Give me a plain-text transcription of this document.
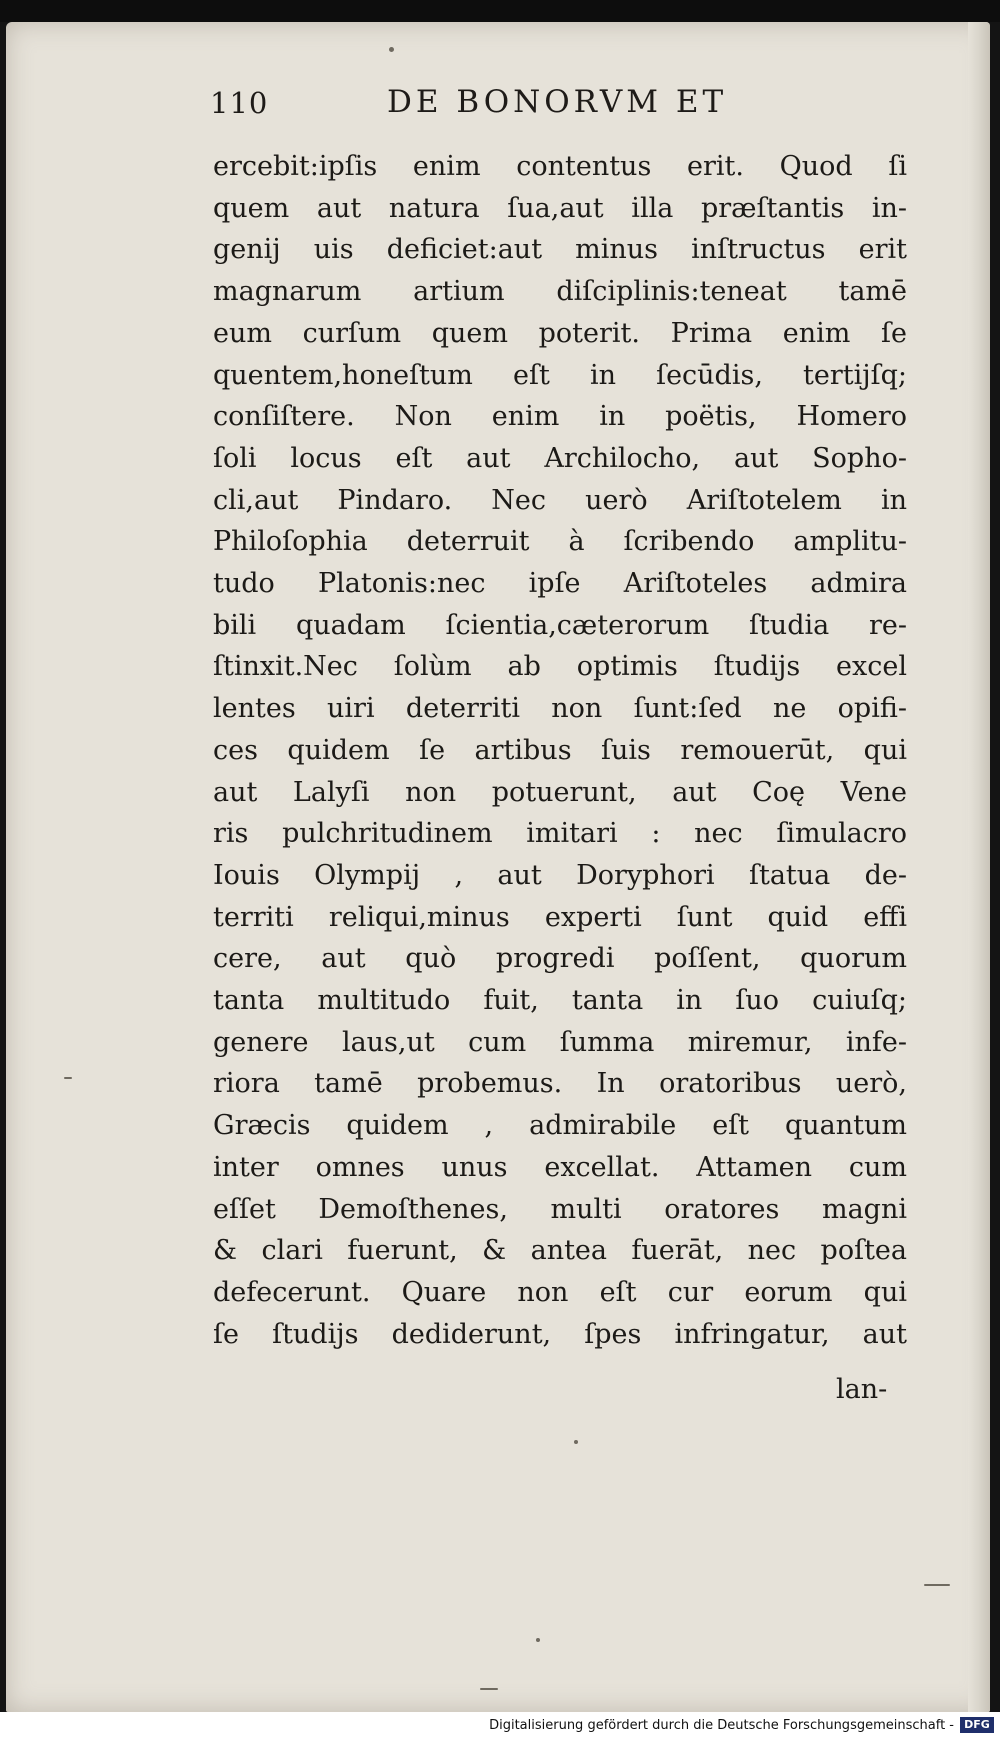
110	DE BONORVM ET
ercebit:ipſis enim contentus erit. Quod ſi
quem aut natura ſua,aut illa præſtantis in-
genij uis deficiet:aut minus inſtructus erit
magnarum artium diſciplinis:teneat tamē
eum curſum quem poterit. Prima enim ſe
quentem,honeſtum eſt in ſecūdis, tertijſq;
conſiſtere. Non enim in poëtis, Homero
ſoli locus eſt aut Archilocho, aut Sopho-
cli,aut Pindaro. Nec uerò Ariſtotelem in
Philoſophia deterruit à ſcribendo amplitu-
tudo Platonis:nec ipſe Ariſtoteles admira
bili quadam ſcientia,cæterorum ſtudia re-
ſtinxit.Nec ſolùm ab optimis ſtudijs excel
lentes uiri deterriti non ſunt:ſed ne opifi-
ces quidem ſe artibus ſuis remouerūt, qui
aut Lalyſi non potuerunt, aut Coę Vene
ris pulchritudinem imitari : nec ſimulacro
Iouis Olympij , aut Doryphori ſtatua de-
territi reliqui,minus experti ſunt quid effi
cere, aut quò progredi poſſent, quorum
tanta multitudo fuit, tanta in ſuo cuiuſq;
genere laus,ut cum ſumma miremur, infe-
riora tamē probemus. In oratoribus uerò,
Græcis quidem , admirabile eſt quantum
inter omnes unus excellat. Attamen cum
eſſet Demoſthenes, multi oratores magni
& clari fuerunt, & antea fuerāt, nec poſtea
defecerunt. Quare non eſt cur eorum qui
ſe ſtudijs dediderunt, ſpes infringatur, aut
lan-
Digitalisierung gefördert durch die Deutsche Forschungsgemeinschaft - DFG
